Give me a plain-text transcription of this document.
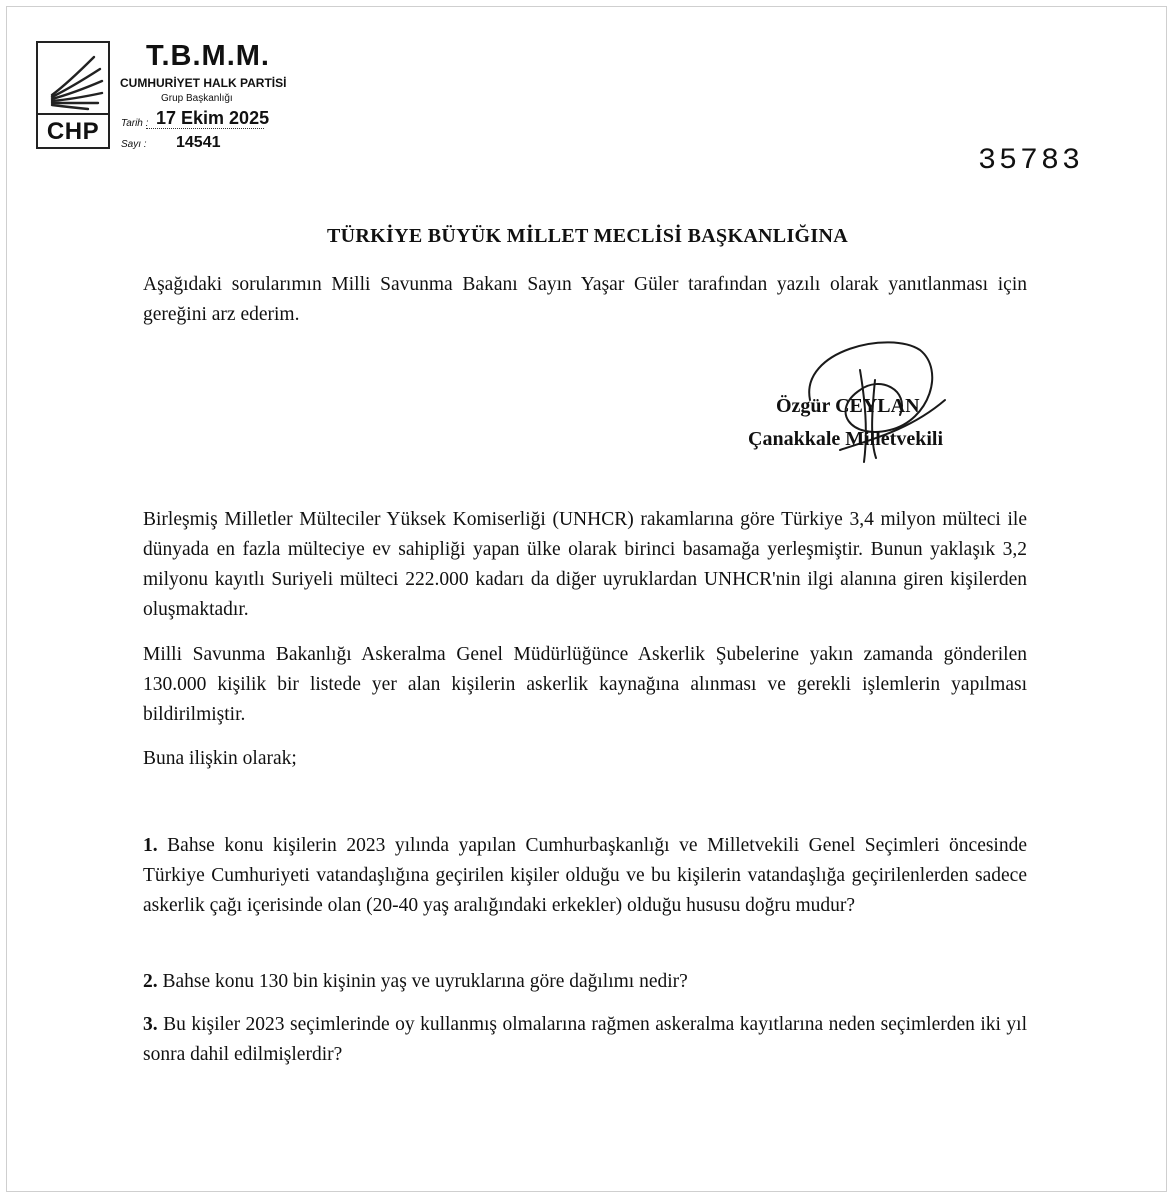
CHP
T.B.M.M.
CUMHURİYET HALK PARTİSİ
Grup Başkanlığı
Tarih : 17 Ekim 2025
Sayı : 14541
35783
TÜRKİYE BÜYÜK MİLLET MECLİSİ BAŞKANLIĞINA

Aşağıdaki sorularımın Milli Savunma Bakanı Sayın Yaşar Güler tarafından yazılı olarak yanıtlanması için gereğini arz ederim.

Özgür CEYLAN
Çanakkale Milletvekili

Birleşmiş Milletler Mülteciler Yüksek Komiserliği (UNHCR) rakamlarına göre Türkiye 3,4 milyon mülteci ile dünyada en fazla mülteciye ev sahipliği yapan ülke olarak birinci basamağa yerleşmiştir. Bunun yaklaşık 3,2 milyonu kayıtlı Suriyeli mülteci 222.000 kadarı da diğer uyruklardan UNHCR'nin ilgi alanına giren kişilerden oluşmaktadır.

Milli Savunma Bakanlığı Askeralma Genel Müdürlüğünce Askerlik Şubelerine yakın zamanda gönderilen 130.000 kişilik bir listede yer alan kişilerin askerlik kaynağına alınması ve gerekli işlemlerin yapılması bildirilmiştir.

Buna ilişkin olarak;

1. Bahse konu kişilerin 2023 yılında yapılan Cumhurbaşkanlığı ve Milletvekili Genel Seçimleri öncesinde Türkiye Cumhuriyeti vatandaşlığına geçirilen kişiler olduğu ve bu kişilerin vatandaşlığa geçirilenlerden sadece askerlik çağı içerisinde olan (20-40 yaş aralığındaki erkekler) olduğu hususu doğru mudur?

2. Bahse konu 130 bin kişinin yaş ve uyruklarına göre dağılımı nedir?

3. Bu kişiler 2023 seçimlerinde oy kullanmış olmalarına rağmen askeralma kayıtlarına neden seçimlerden iki yıl sonra dahil edilmişlerdir?
